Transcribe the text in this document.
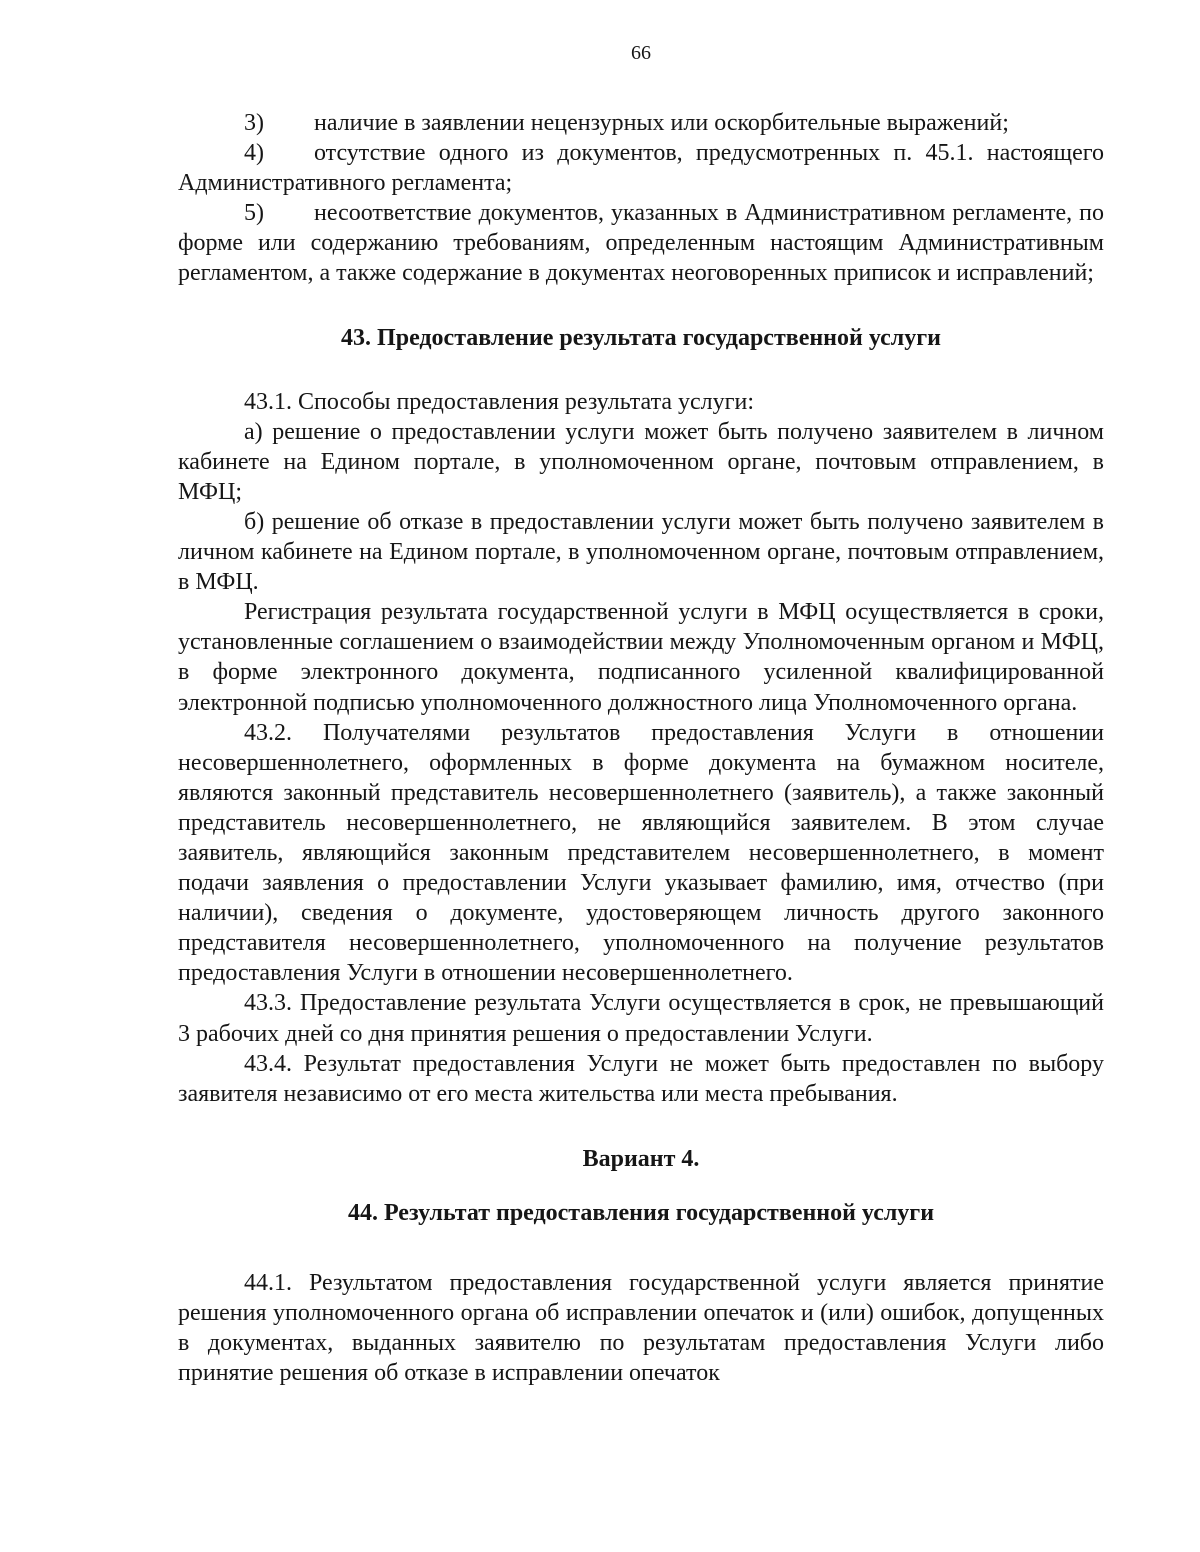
66

3) наличие в заявлении нецензурных или оскорбительные выражений;

4) отсутствие одного из документов, предусмотренных п. 45.1. настоящего Административного регламента;

5) несоответствие документов, указанных в Административном регламенте, по форме или содержанию требованиям, определенным настоящим Административным регламентом, а также содержание в документах неоговоренных приписок и исправлений;

43. Предоставление результата государственной услуги

43.1. Способы предоставления результата услуги:

а) решение о предоставлении услуги может быть получено заявителем в личном кабинете на Едином портале, в уполномоченном органе, почтовым отправлением, в МФЦ;

б) решение об отказе в предоставлении услуги может быть получено заявителем в личном кабинете на Едином портале, в уполномоченном органе, почтовым отправлением, в МФЦ.

Регистрация результата государственной услуги в МФЦ осуществляется в сроки, установленные соглашением о взаимодействии между Уполномоченным органом и МФЦ, в форме электронного документа, подписанного усиленной квалифицированной электронной подписью уполномоченного должностного лица Уполномоченного органа.

43.2. Получателями результатов предоставления Услуги в отношении несовершеннолетнего, оформленных в форме документа на бумажном носителе, являются законный представитель несовершеннолетнего (заявитель), а также законный представитель несовершеннолетнего, не являющийся заявителем. В этом случае заявитель, являющийся законным представителем несовершеннолетнего, в момент подачи заявления о предоставлении Услуги указывает фамилию, имя, отчество (при наличии), сведения о документе, удостоверяющем личность другого законного представителя несовершеннолетнего, уполномоченного на получение результатов предоставления Услуги в отношении несовершеннолетнего.

43.3. Предоставление результата Услуги осуществляется в срок, не превышающий 3 рабочих дней со дня принятия решения о предоставлении Услуги.

43.4. Результат предоставления Услуги не может быть предоставлен по выбору заявителя независимо от его места жительства или места пребывания.

Вариант 4.

44. Результат предоставления государственной услуги

44.1. Результатом предоставления государственной услуги является принятие решения уполномоченного органа об исправлении опечаток и (или) ошибок, допущенных в документах, выданных заявителю по результатам предоставления Услуги либо принятие решения об отказе в исправлении опечаток
